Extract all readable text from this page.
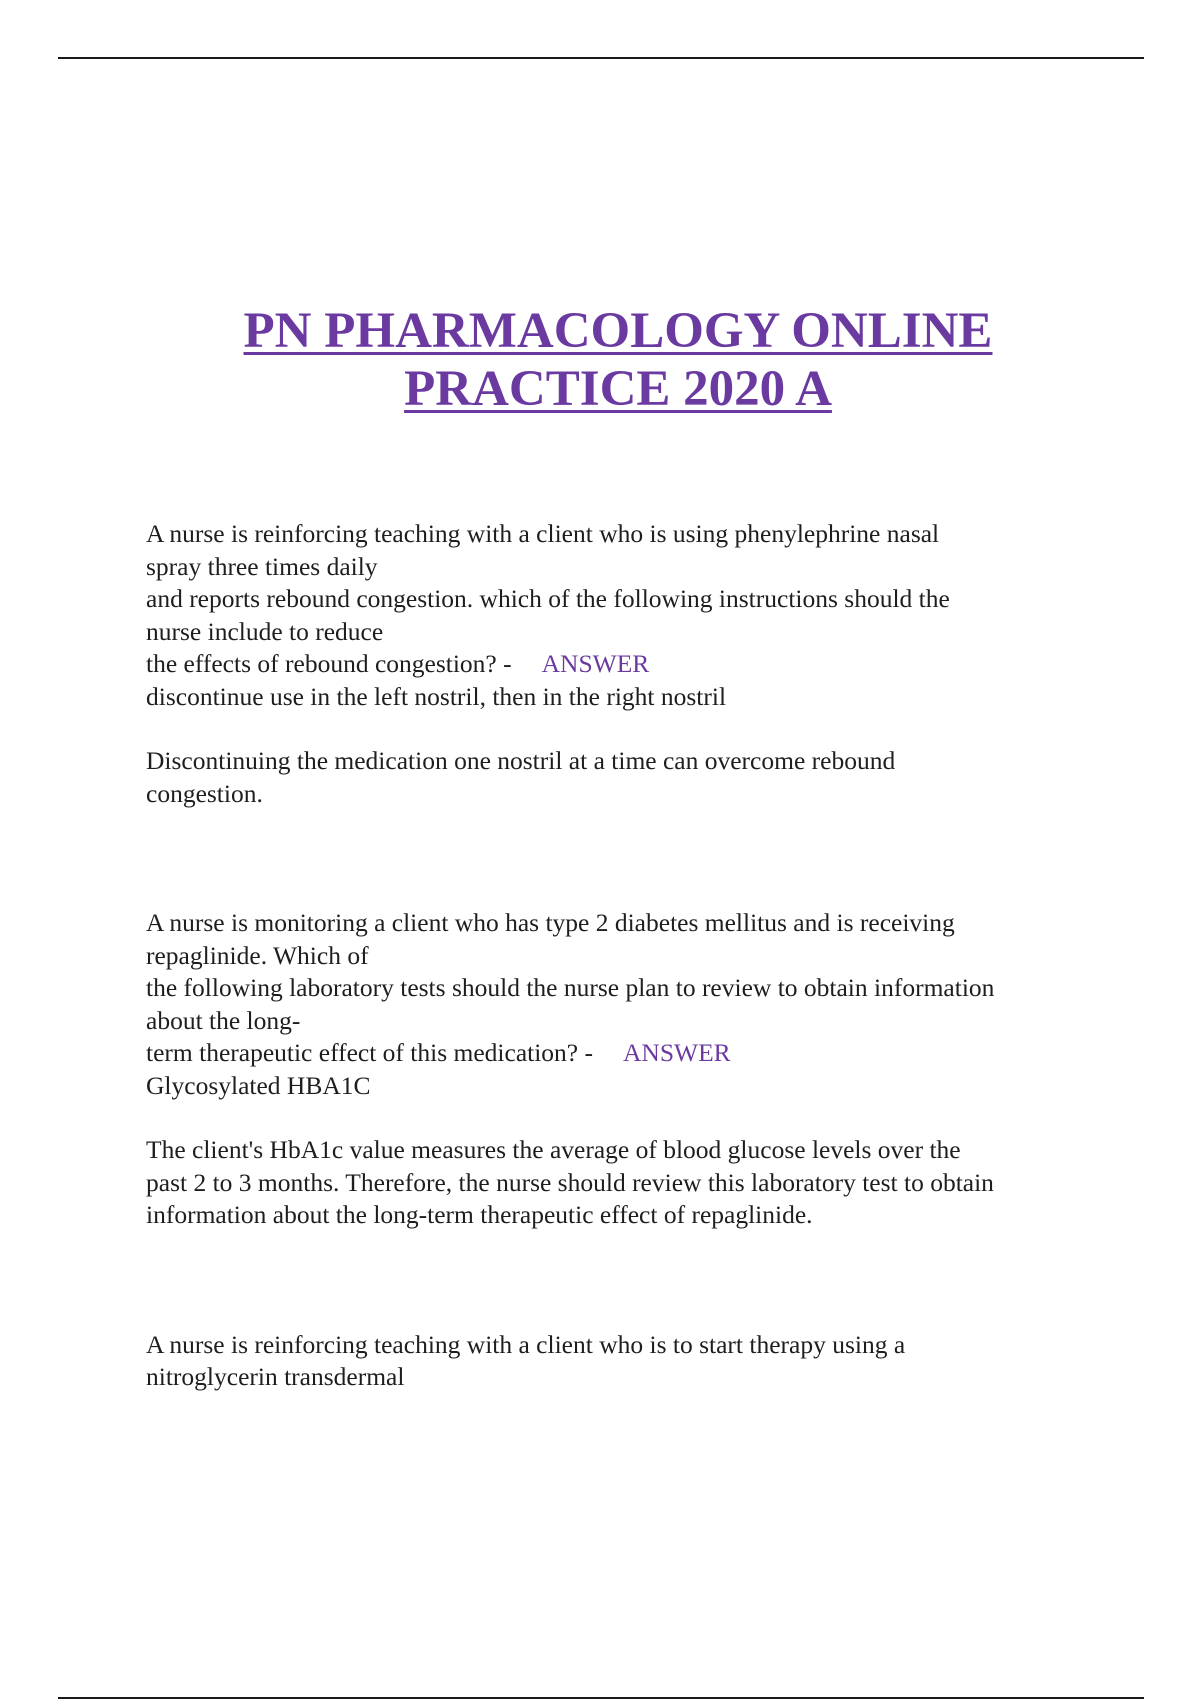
PN PHARMACOLOGY ONLINE
PRACTICE 2020 A
A nurse is reinforcing teaching with a client who is using phenylephrine nasal
spray three times daily
and reports rebound congestion. which of the following instructions should the
nurse include to reduce
the effects of rebound congestion? - ANSWER
discontinue use in the left nostril, then in the right nostril
Discontinuing the medication one nostril at a time can overcome rebound
congestion.
A nurse is monitoring a client who has type 2 diabetes mellitus and is receiving
repaglinide. Which of
the following laboratory tests should the nurse plan to review to obtain information
about the long-
term therapeutic effect of this medication? - ANSWER
Glycosylated HBA1C
The client's HbA1c value measures the average of blood glucose levels over the
past 2 to 3 months. Therefore, the nurse should review this laboratory test to obtain
information about the long-term therapeutic effect of repaglinide.
A nurse is reinforcing teaching with a client who is to start therapy using a
nitroglycerin transdermal
